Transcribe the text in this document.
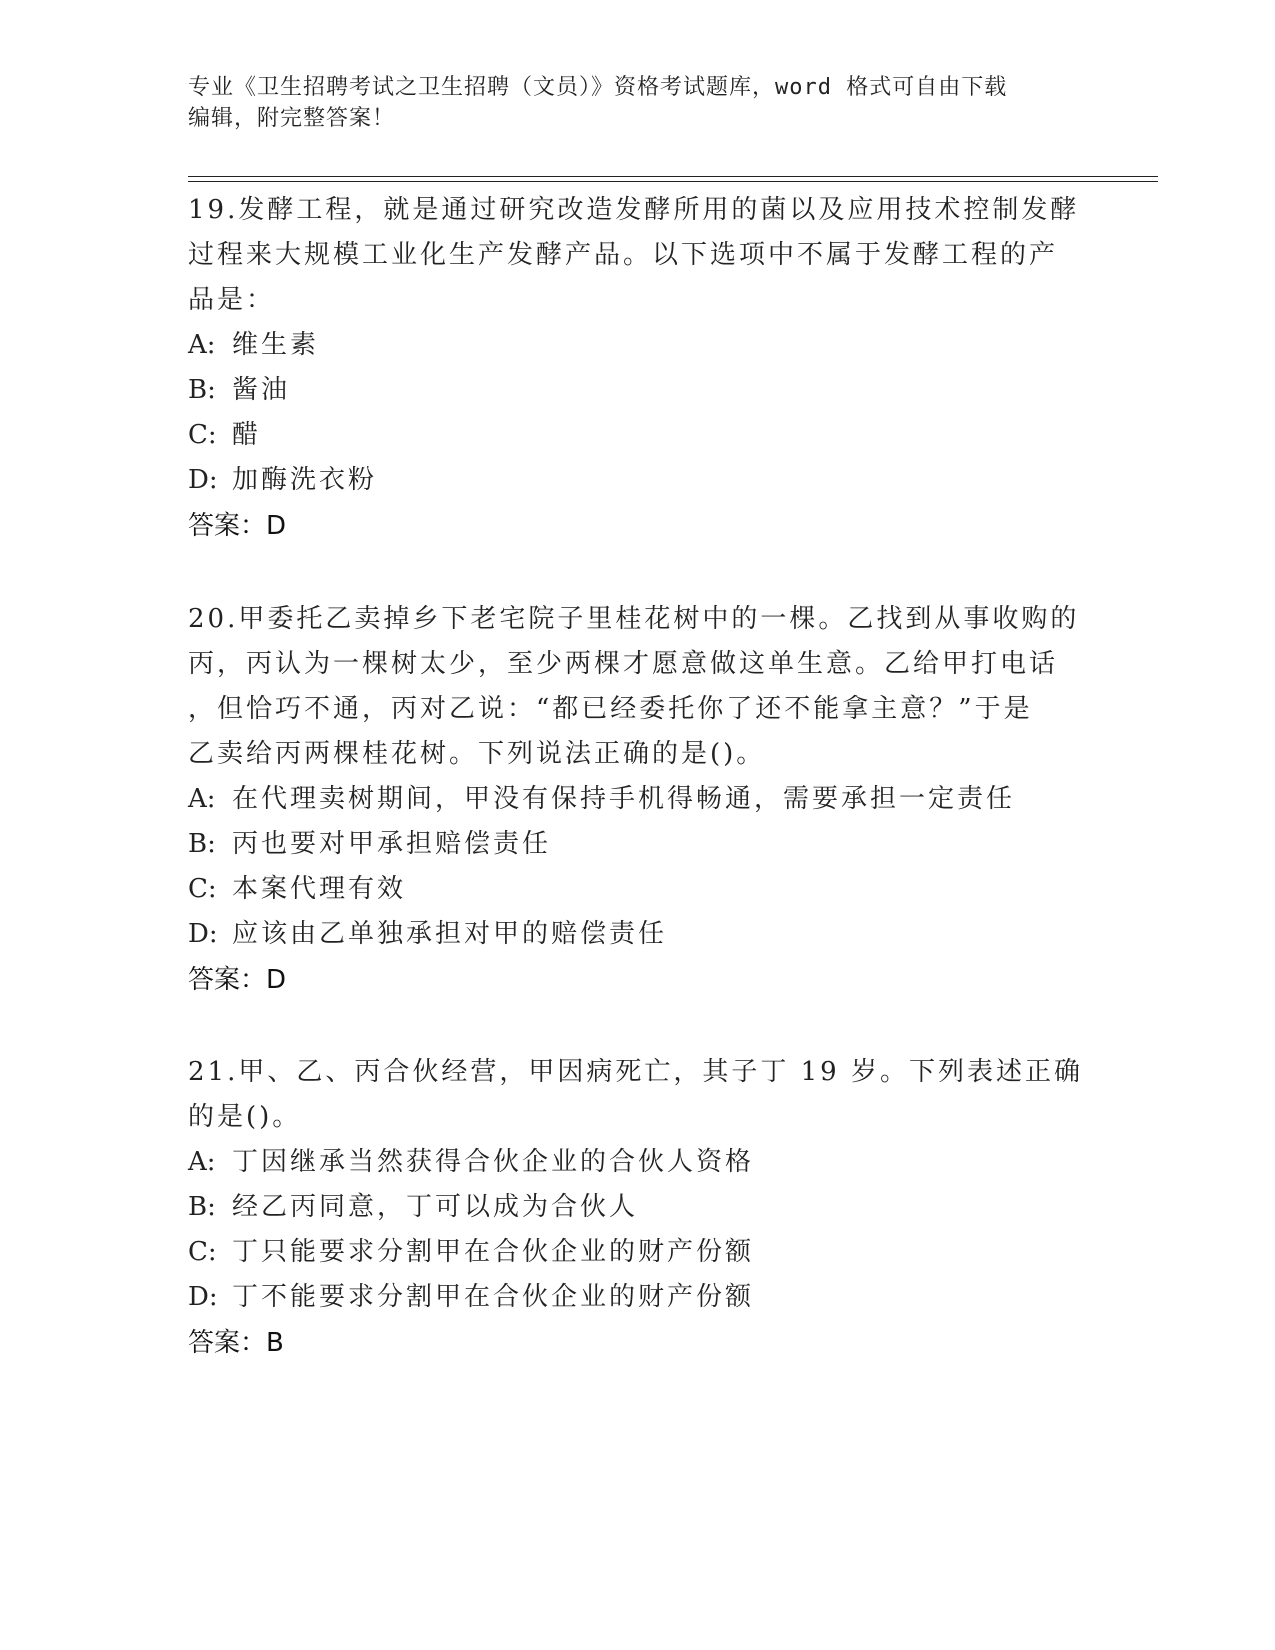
专业《卫生招聘考试之卫生招聘（文员）》资格考试题库，word 格式可自由下载
编辑，附完整答案！

19.发酵工程，就是通过研究改造发酵所用的菌以及应用技术控制发酵
过程来大规模工业化生产发酵产品。以下选项中不属于发酵工程的产
品是：

A: 维生素

B: 酱油

C: 醋

D: 加酶洗衣粉

答案：D

20.甲委托乙卖掉乡下老宅院子里桂花树中的一棵。乙找到从事收购的
丙，丙认为一棵树太少，至少两棵才愿意做这单生意。乙给甲打电话
，但恰巧不通，丙对乙说：“都已经委托你了还不能拿主意？”于是
乙卖给丙两棵桂花树。下列说法正确的是()。

A: 在代理卖树期间，甲没有保持手机得畅通，需要承担一定责任

B: 丙也要对甲承担赔偿责任

C: 本案代理有效

D: 应该由乙单独承担对甲的赔偿责任

答案：D

21.甲、乙、丙合伙经营，甲因病死亡，其子丁 19 岁。下列表述正确
的是()。

A: 丁因继承当然获得合伙企业的合伙人资格

B: 经乙丙同意，丁可以成为合伙人

C: 丁只能要求分割甲在合伙企业的财产份额

D: 丁不能要求分割甲在合伙企业的财产份额

答案：B
